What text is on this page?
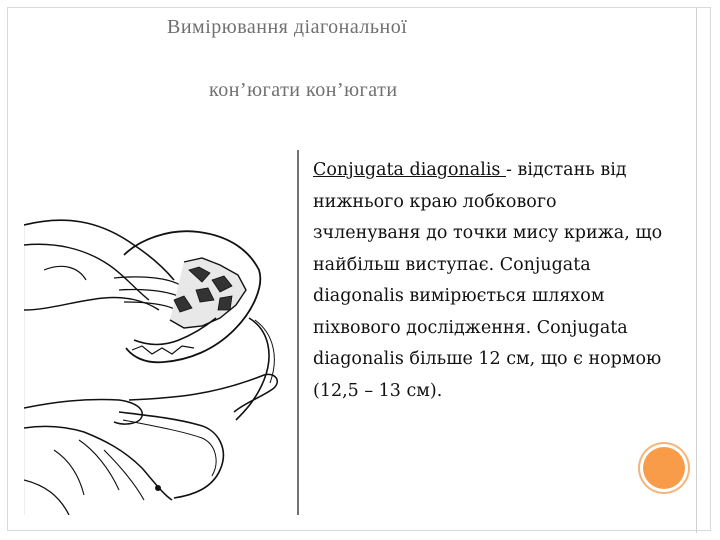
Вимірювання діагональної
кон’югати кон’югати
Conjugata diagonalis - відстань від нижнього краю лобкового зчленуваня до точки мису крижа, що найбільш виступає. Conjugata diagonalis вимірюється шляхом піхвового дослідження. Conjugata diagonalis більше 12 см, що є нормою (12,5 – 13 см).
